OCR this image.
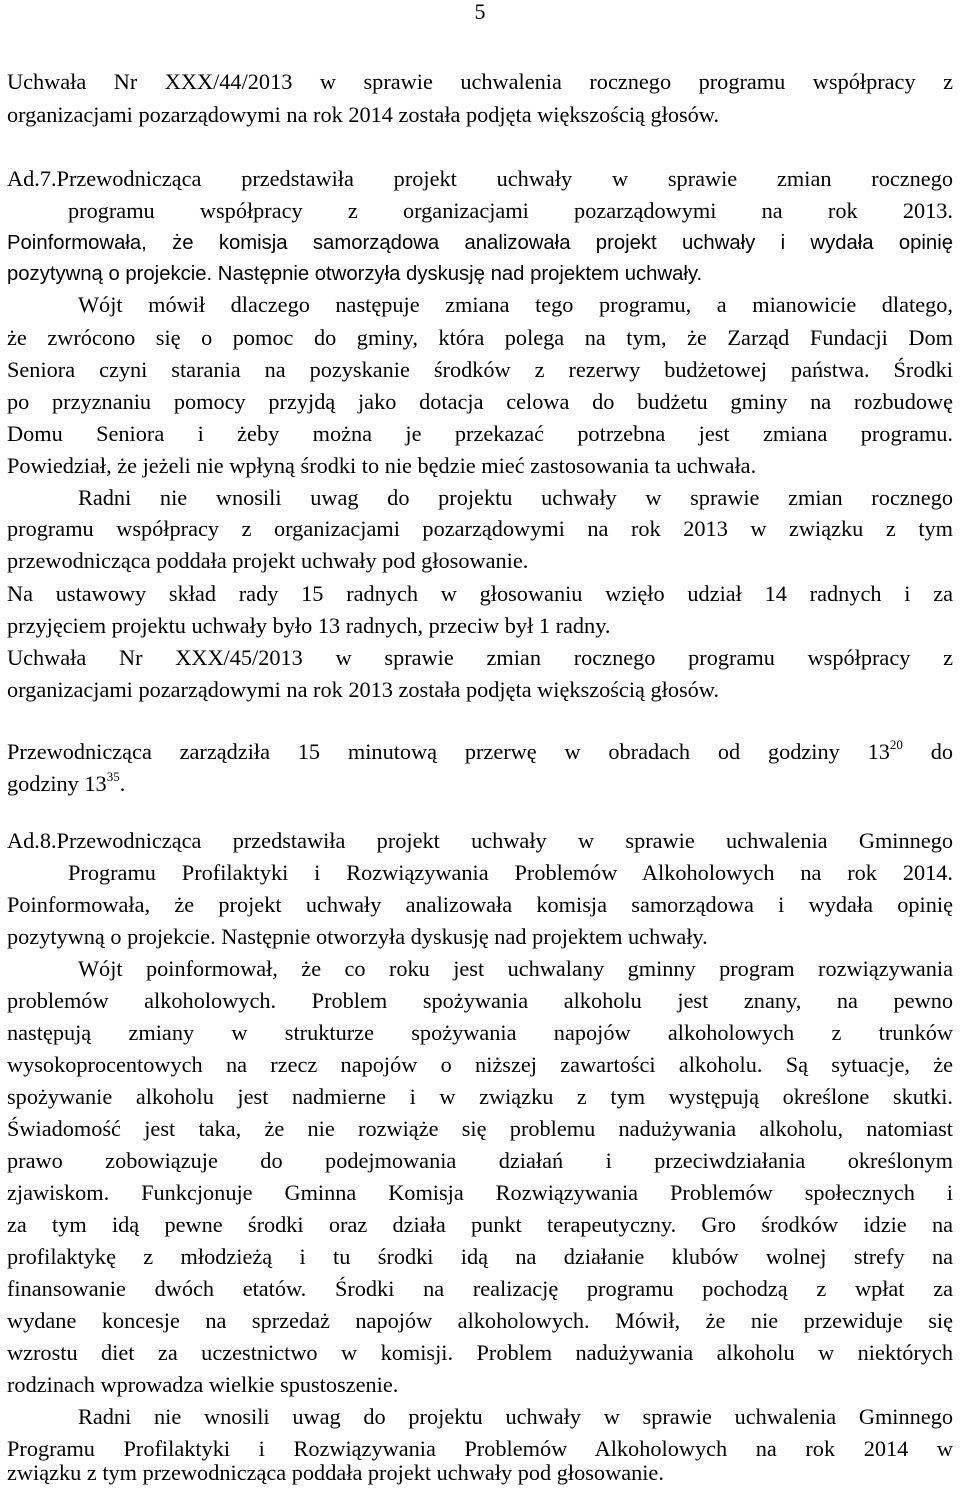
5
Uchwała Nr XXX/44/2013 w sprawie uchwalenia rocznego programu współpracy z
organizacjami pozarządowymi na rok 2014 została podjęta większością głosów.
Ad.7.Przewodnicząca przedstawiła projekt uchwały w sprawie zmian rocznego
programu współpracy z organizacjami pozarządowymi na rok 2013.
Poinformowała, że komisja samorządowa analizowała projekt uchwały i wydała opinię
pozytywną o projekcie. Następnie otworzyła dyskusję nad projektem uchwały.
Wójt mówił dlaczego następuje zmiana tego programu, a mianowicie dlatego,
że zwrócono się o pomoc do gminy, która polega na tym, że Zarząd Fundacji Dom
Seniora czyni starania na pozyskanie środków z rezerwy budżetowej państwa. Środki
po przyznaniu pomocy przyjdą jako dotacja celowa do budżetu gminy na rozbudowę
Domu Seniora i żeby można je przekazać potrzebna jest zmiana programu.
Powiedział, że jeżeli nie wpłyną środki to nie będzie mieć zastosowania ta uchwała.
Radni nie wnosili uwag do projektu uchwały w sprawie zmian rocznego
programu współpracy z organizacjami pozarządowymi na rok 2013 w związku z tym
przewodnicząca poddała projekt uchwały pod głosowanie.
Na ustawowy skład rady 15 radnych w głosowaniu wzięło udział 14 radnych i za
przyjęciem projektu uchwały było 13 radnych, przeciw był 1 radny.
Uchwała Nr XXX/45/2013 w sprawie zmian rocznego programu współpracy z
organizacjami pozarządowymi na rok 2013 została podjęta większością głosów.
Przewodnicząca zarządziła 15 minutową przerwę w obradach od godziny $13^{20}$ do
godziny $13^{35}$.
Ad.8.Przewodnicząca przedstawiła projekt uchwały w sprawie uchwalenia Gminnego
Programu Profilaktyki i Rozwiązywania Problemów Alkoholowych na rok 2014.
Poinformowała, że projekt uchwały analizowała komisja samorządowa i wydała opinię
pozytywną o projekcie. Następnie otworzyła dyskusję nad projektem uchwały.
Wójt poinformował, że co roku jest uchwalany gminny program rozwiązywania
problemów alkoholowych. Problem spożywania alkoholu jest znany, na pewno
następują zmiany w strukturze spożywania napojów alkoholowych z trunków
wysokoprocentowych na rzecz napojów o niższej zawartości alkoholu. Są sytuacje, że
spożywanie alkoholu jest nadmierne i w związku z tym występują określone skutki.
Świadomość jest taka, że nie rozwiąże się problemu nadużywania alkoholu, natomiast
prawo zobowiązuje do podejmowania działań i przeciwdziałania określonym
zjawiskom. Funkcjonuje Gminna Komisja Rozwiązywania Problemów społecznych i
za tym idą pewne środki oraz działa punkt terapeutyczny. Gro środków idzie na
profilaktykę z młodzieżą i tu środki idą na działanie klubów wolnej strefy na
finansowanie dwóch etatów. Środki na realizację programu pochodzą z wpłat za
wydane koncesje na sprzedaż napojów alkoholowych. Mówił, że nie przewiduje się
wzrostu diet za uczestnictwo w komisji. Problem nadużywania alkoholu w niektórych
rodzinach wprowadza wielkie spustoszenie.
Radni nie wnosili uwag do projektu uchwały w sprawie uchwalenia Gminnego
Programu Profilaktyki i Rozwiązywania Problemów Alkoholowych na rok 2014 w
związku z tym przewodnicząca poddała projekt uchwały pod głosowanie.
